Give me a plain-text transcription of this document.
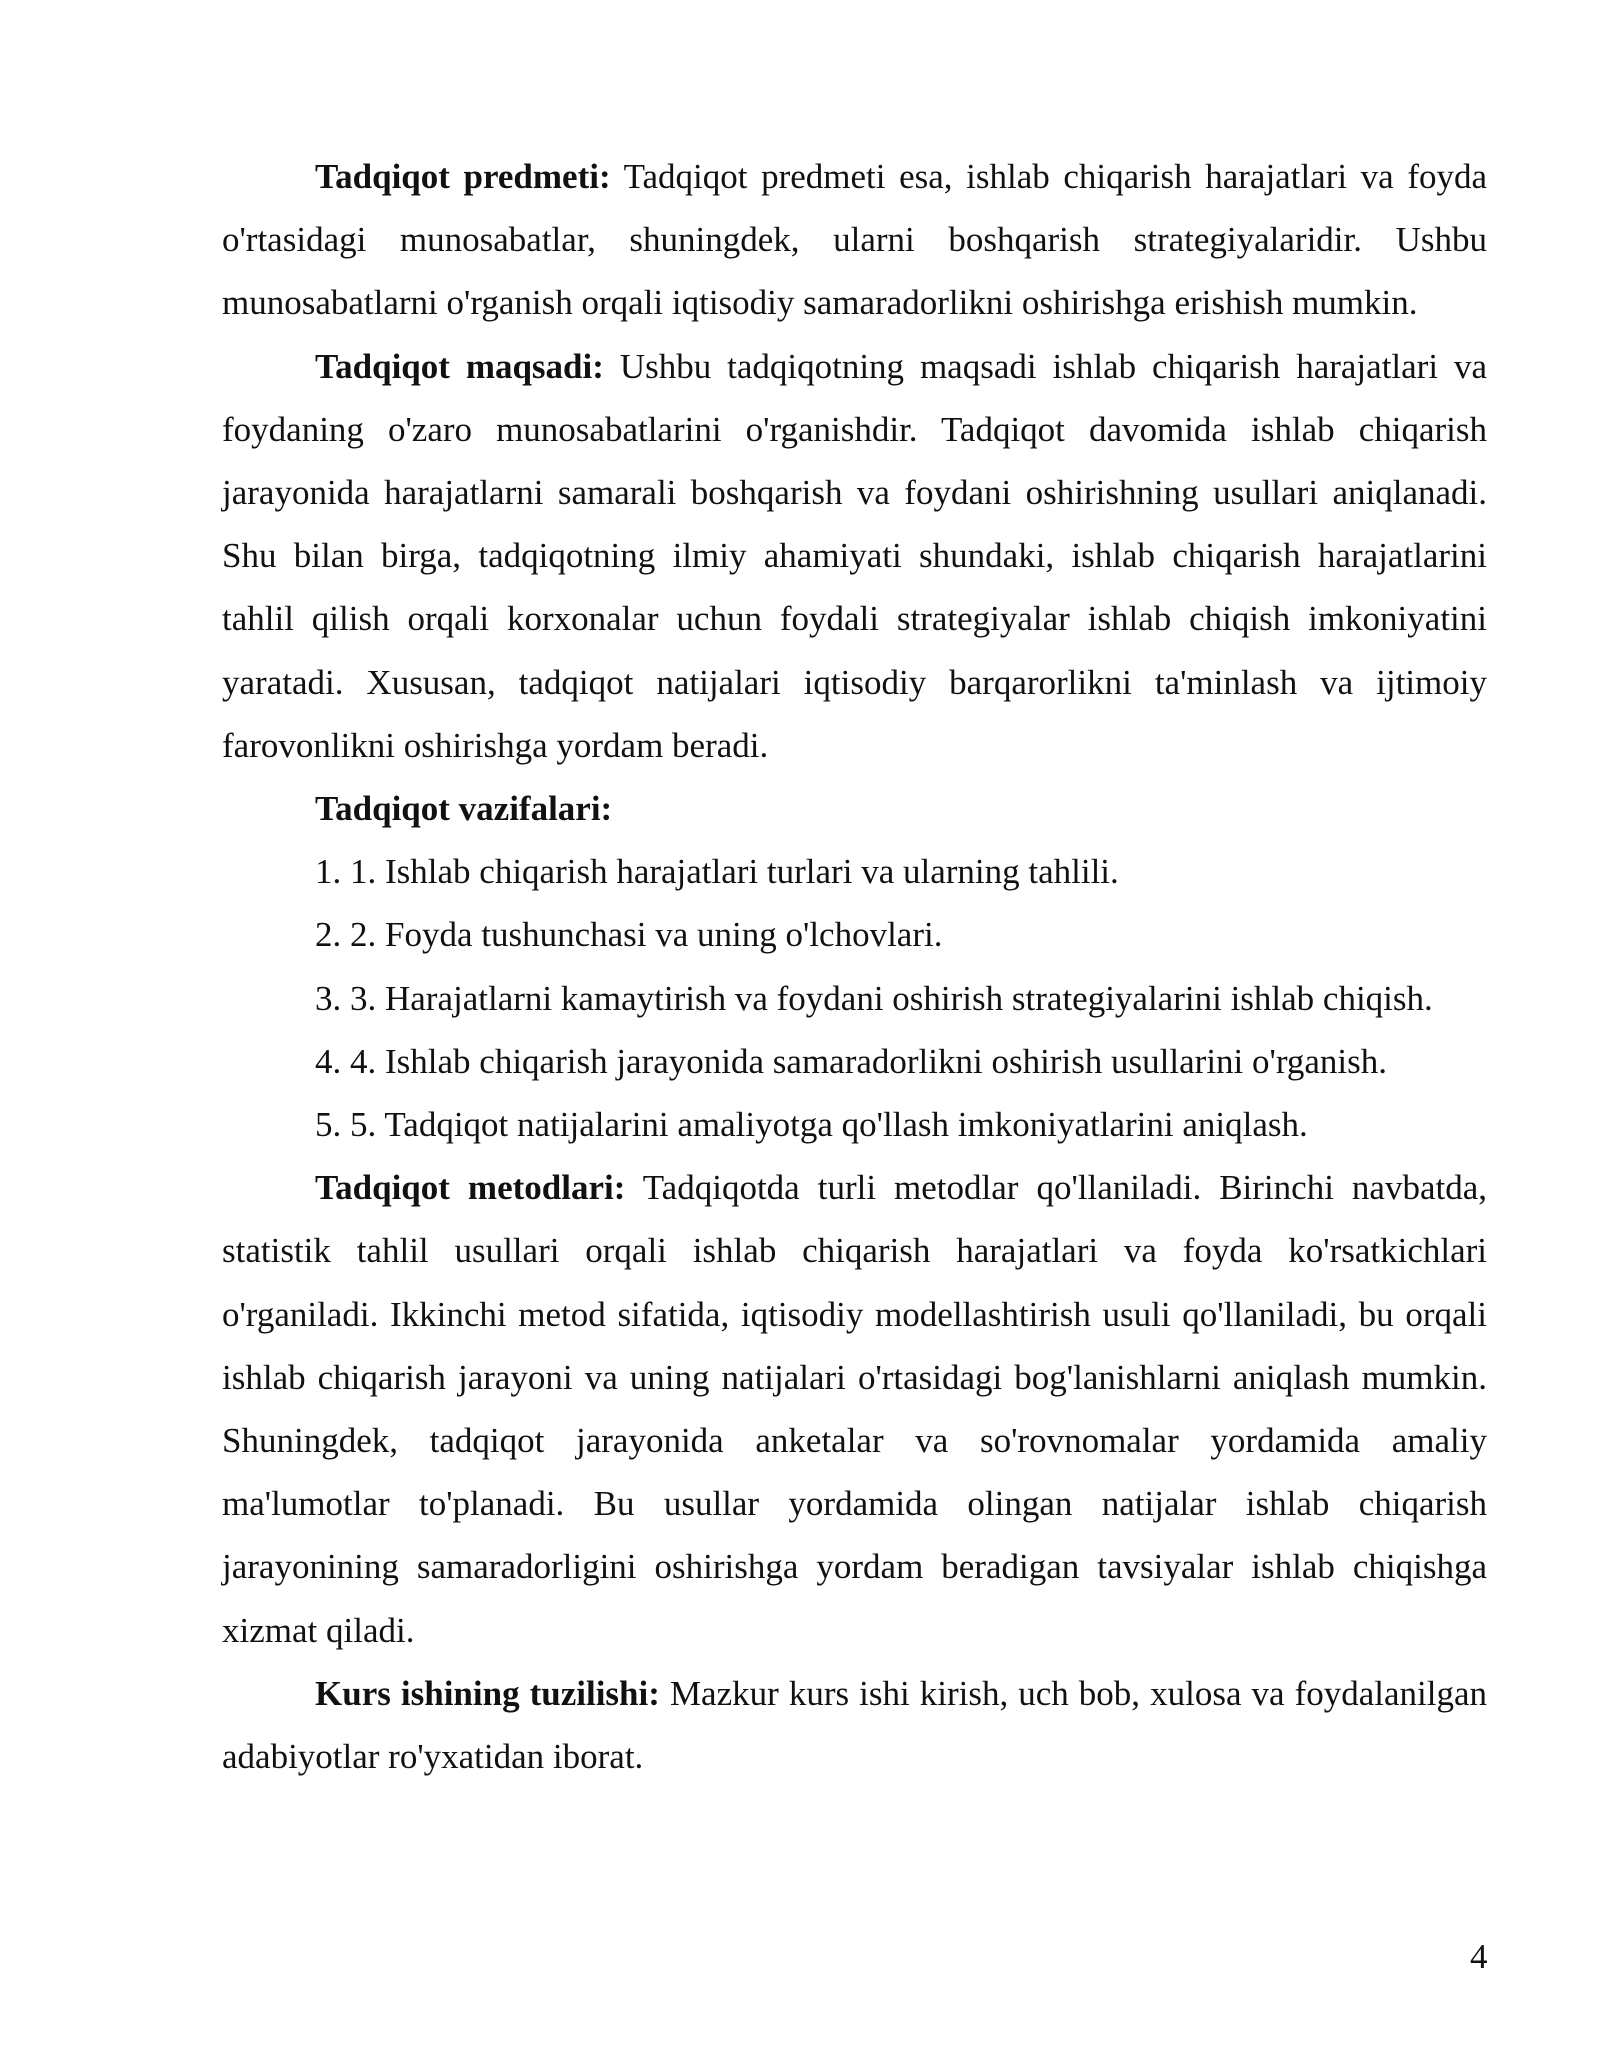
Tadqiqot predmeti: Tadqiqot predmeti esa, ishlab chiqarish harajatlari va foyda o'rtasidagi munosabatlar, shuningdek, ularni boshqarish strategiyalaridir. Ushbu munosabatlarni o'rganish orqali iqtisodiy samaradorlikni oshirishga erishish mumkin.

Tadqiqot maqsadi: Ushbu tadqiqotning maqsadi ishlab chiqarish harajatlari va foydaning o'zaro munosabatlarini o'rganishdir. Tadqiqot davomida ishlab chiqarish jarayonida harajatlarni samarali boshqarish va foydani oshirishning usullari aniqlanadi. Shu bilan birga, tadqiqotning ilmiy ahamiyati shundaki, ishlab chiqarish harajatlarini tahlil qilish orqali korxonalar uchun foydali strategiyalar ishlab chiqish imkoniyatini yaratadi. Xususan, tadqiqot natijalari iqtisodiy barqarorlikni ta'minlash va ijtimoiy farovonlikni oshirishga yordam beradi.

Tadqiqot vazifalari:

1. 1. Ishlab chiqarish harajatlari turlari va ularning tahlili.

2. 2. Foyda tushunchasi va uning o'lchovlari.

3. 3. Harajatlarni kamaytirish va foydani oshirish strategiyalarini ishlab chiqish.

4. 4. Ishlab chiqarish jarayonida samaradorlikni oshirish usullarini o'rganish.

5. 5. Tadqiqot natijalarini amaliyotga qo'llash imkoniyatlarini aniqlash.

Tadqiqot metodlari: Tadqiqotda turli metodlar qo'llaniladi. Birinchi navbatda, statistik tahlil usullari orqali ishlab chiqarish harajatlari va foyda ko'rsatkichlari o'rganiladi. Ikkinchi metod sifatida, iqtisodiy modellashtirish usuli qo'llaniladi, bu orqali ishlab chiqarish jarayoni va uning natijalari o'rtasidagi bog'lanishlarni aniqlash mumkin. Shuningdek, tadqiqot jarayonida anketalar va so'rovnomalar yordamida amaliy ma'lumotlar to'planadi. Bu usullar yordamida olingan natijalar ishlab chiqarish jarayonining samaradorligini oshirishga yordam beradigan tavsiyalar ishlab chiqishga xizmat qiladi.

Kurs ishining tuzilishi: Mazkur kurs ishi kirish, uch bob, xulosa va foydalanilgan adabiyotlar ro'yxatidan iborat.

4
